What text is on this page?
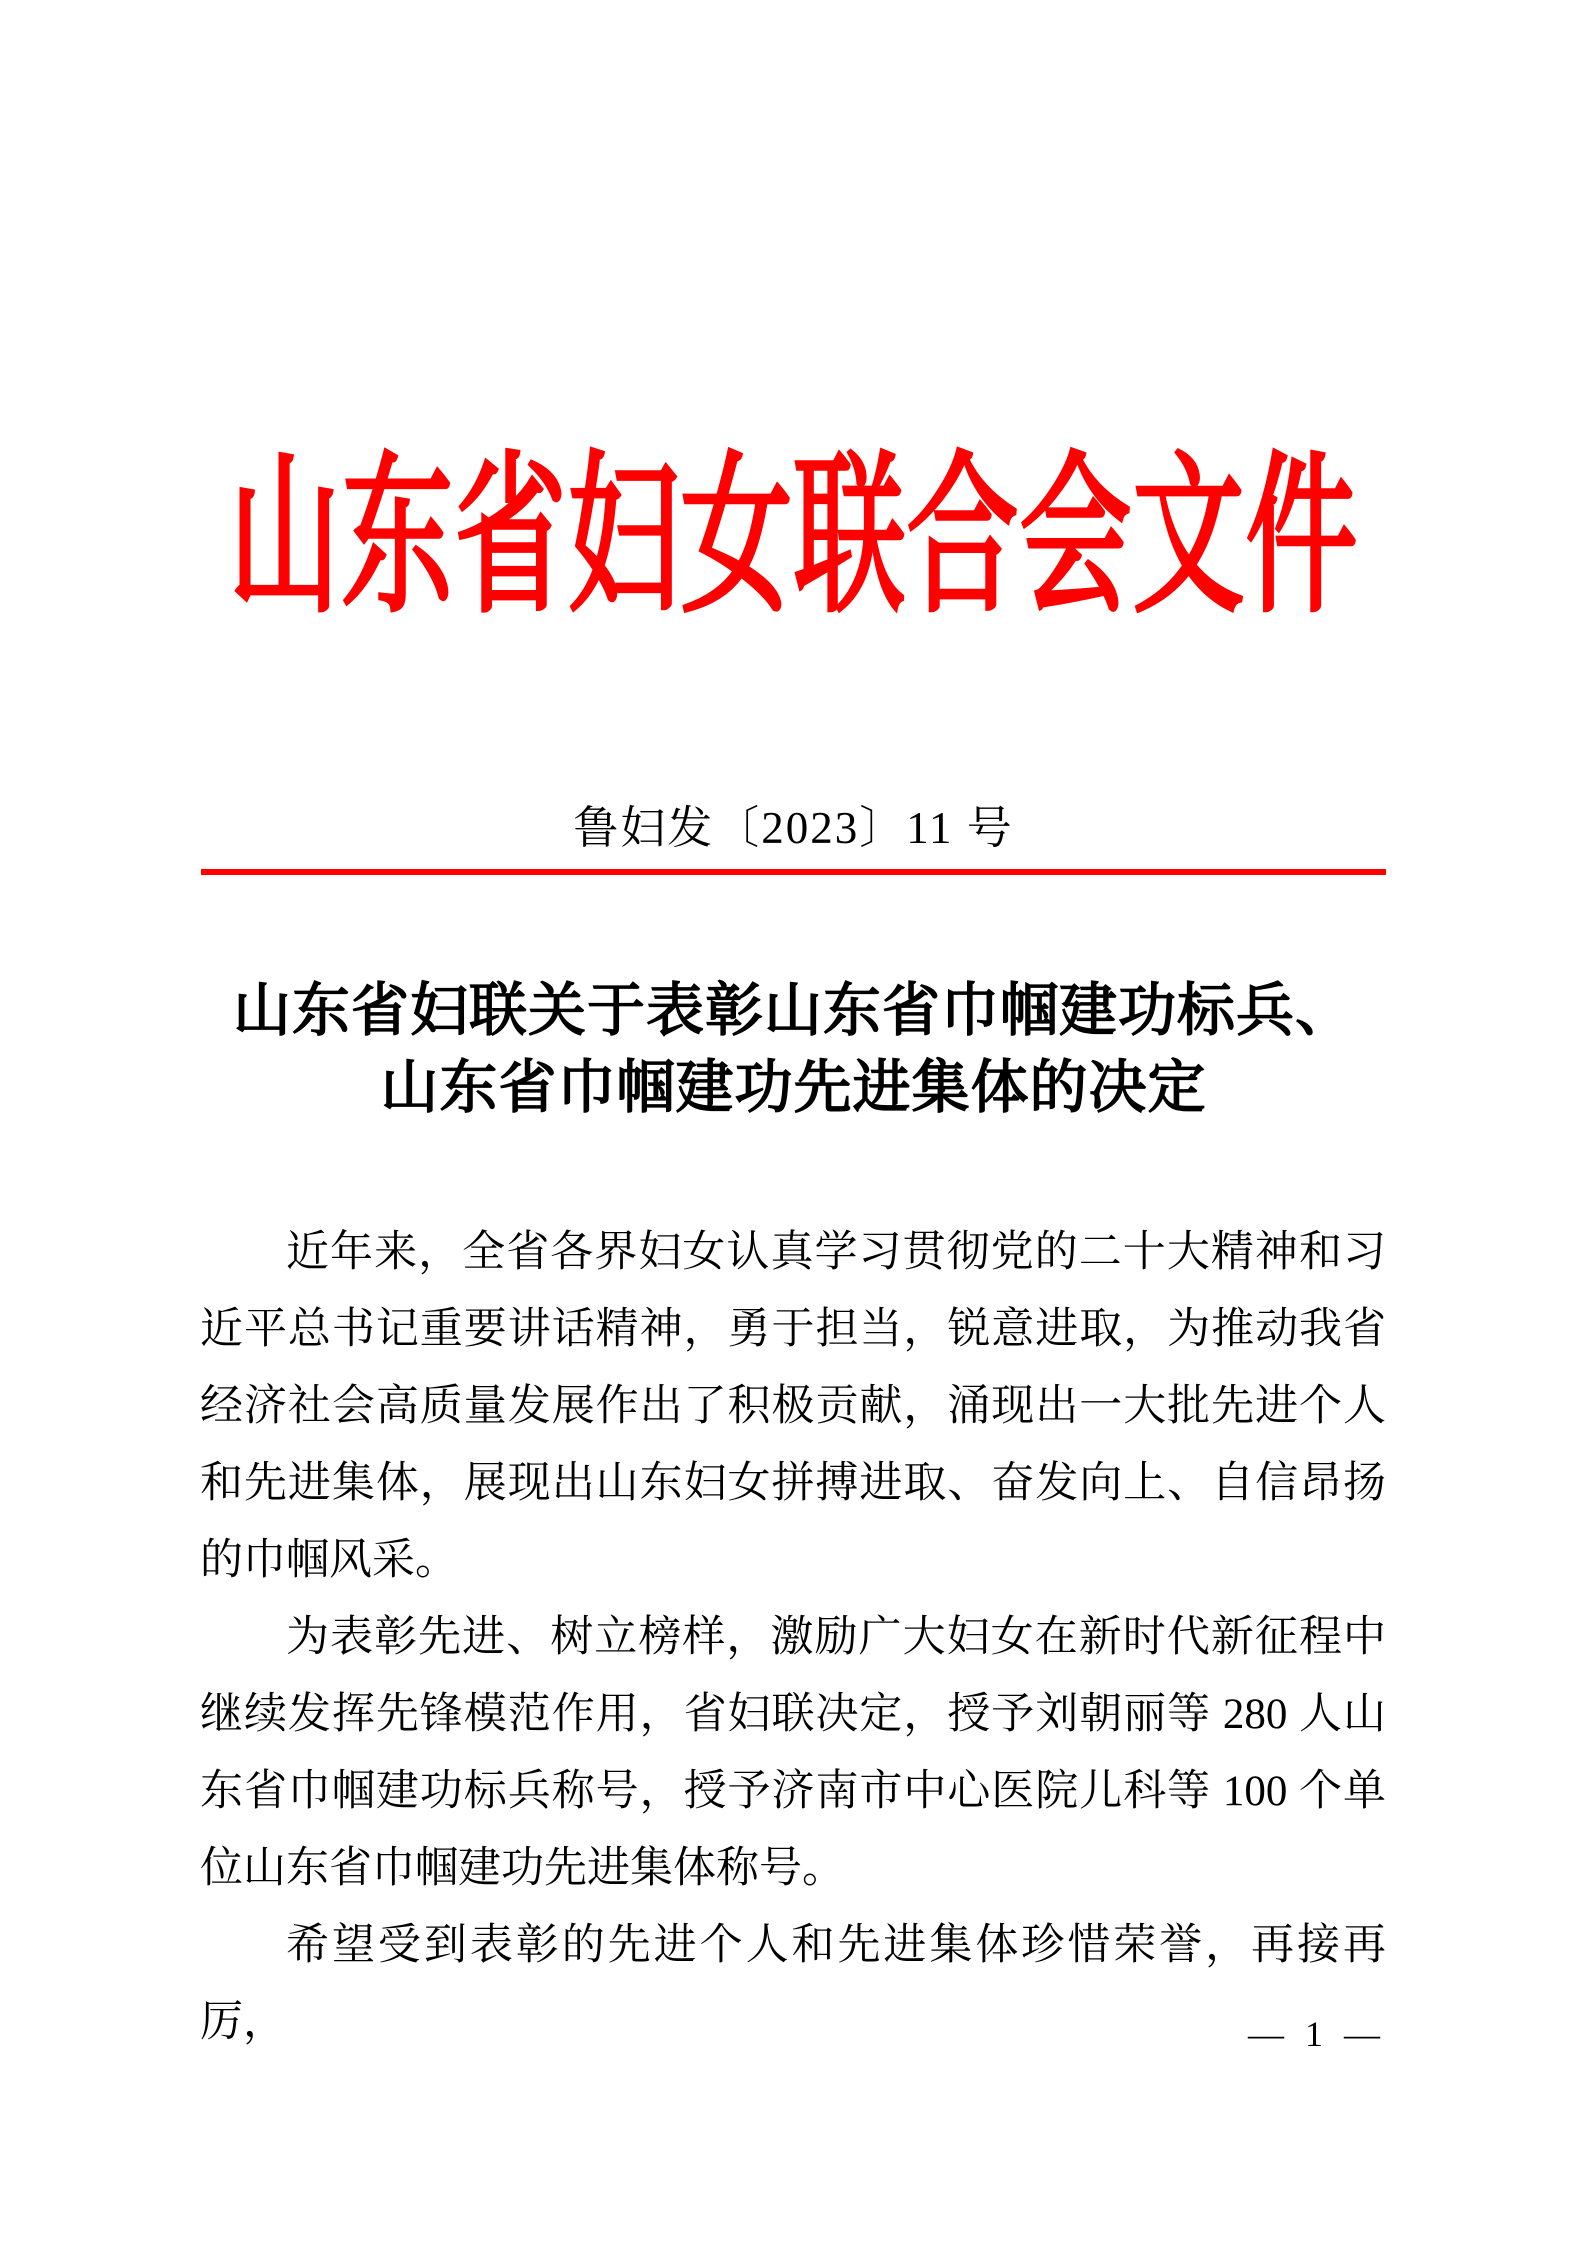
山东省妇女联合会文件
鲁妇发〔2023〕11 号
山东省妇联关于表彰山东省巾帼建功标兵、
山东省巾帼建功先进集体的决定

近年来，全省各界妇女认真学习贯彻党的二十大精神和习近平总书记重要讲话精神，勇于担当，锐意进取，为推动我省经济社会高质量发展作出了积极贡献，涌现出一大批先进个人和先进集体，展现出山东妇女拼搏进取、奋发向上、自信昂扬的巾帼风采。

为表彰先进、树立榜样，激励广大妇女在新时代新征程中继续发挥先锋模范作用，省妇联决定，授予刘朝丽等 280 人山东省巾帼建功标兵称号，授予济南市中心医院儿科等 100 个单位山东省巾帼建功先进集体称号。

希望受到表彰的先进个人和先进集体珍惜荣誉，再接再厉，	— 1 —
